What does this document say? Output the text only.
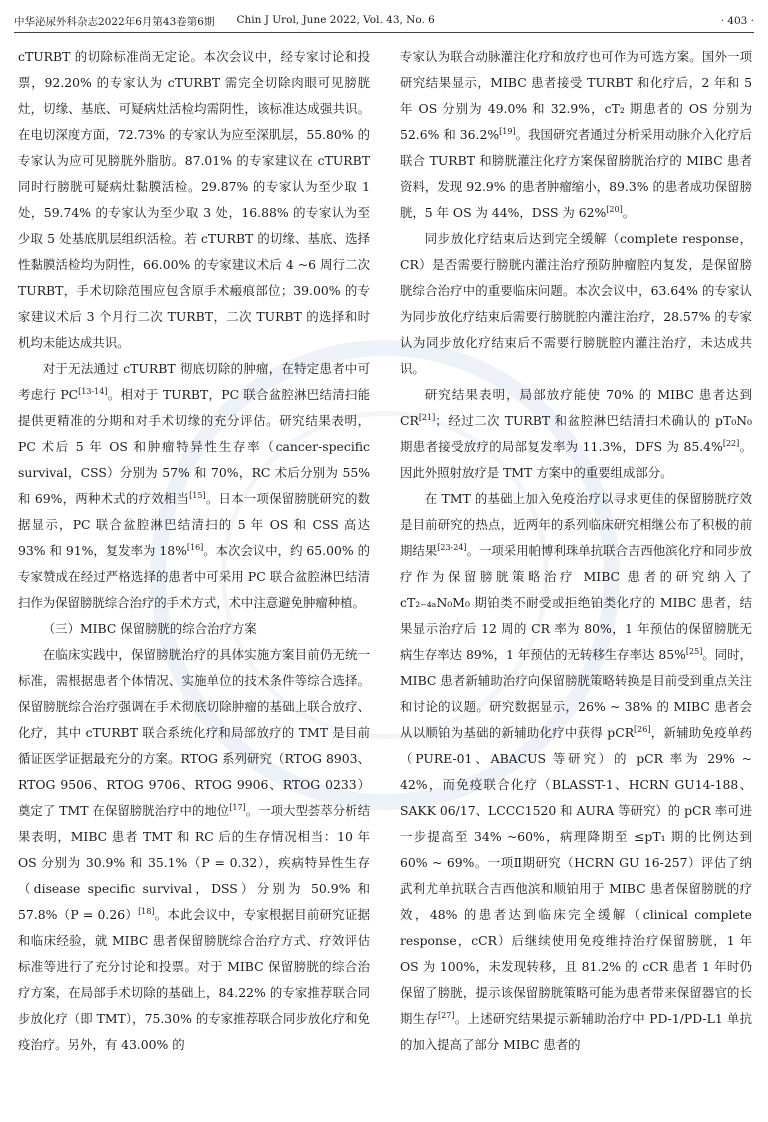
中华泌尿外科杂志2022年6月第43卷第6期 Chin J Urol, June 2022, Vol. 43, No. 6	· 403 ·

cTURBT 的切除标准尚无定论。本次会议中，经专家讨论和投票，92.20% 的专家认为 cTURBT 需完全切除肉眼可见膀胱灶，切缘、基底、可疑病灶活检均需阴性，该标准达成强共识。在电切深度方面，72.73% 的专家认为应至深肌层，55.80% 的专家认为应可见膀胱外脂肪。87.01% 的专家建议在 cTURBT 同时行膀胱可疑病灶黏膜活检。29.87% 的专家认为至少取 1 处，59.74% 的专家认为至少取 3 处，16.88% 的专家认为至少取 5 处基底肌层组织活检。若 cTURBT 的切缘、基底、选择性黏膜活检均为阴性，66.00% 的专家建议术后 4 ~6 周行二次 TURBT，手术切除范围应包含原手术瘢痕部位；39.00% 的专家建议术后 3 个月行二次 TURBT，二次 TURBT 的选择和时机均未能达成共识。

对于无法通过 cTURBT 彻底切除的肿瘤，在特定患者中可考虑行 PC[13-14]。相对于 TURBT，PC 联合盆腔淋巴结清扫能提供更精准的分期和对手术切缘的充分评估。研究结果表明，PC 术后 5 年 OS 和肿瘤特异性生存率（cancer-specific survival，CSS）分别为 57% 和 70%，RC 术后分别为 55% 和 69%，两种术式的疗效相当[15]。日本一项保留膀胱研究的数据显示，PC 联合盆腔淋巴结清扫的 5 年 OS 和 CSS 高达 93% 和 91%，复发率为 18%[16]。本次会议中，约 65.00% 的专家赞成在经过严格选择的患者中可采用 PC 联合盆腔淋巴结清扫作为保留膀胱综合治疗的手术方式，术中注意避免肿瘤种植。

（三）MIBC 保留膀胱的综合治疗方案

在临床实践中，保留膀胱治疗的具体实施方案目前仍无统一标准，需根据患者个体情况、实施单位的技术条件等综合选择。保留膀胱综合治疗强调在手术彻底切除肿瘤的基础上联合放疗、化疗，其中 cTURBT 联合系统化疗和局部放疗的 TMT 是目前循证医学证据最充分的方案。RTOG 系列研究（RTOG 8903、RTOG 9506、RTOG 9706、RTOG 9906、RTOG 0233）奠定了 TMT 在保留膀胱治疗中的地位[17]。一项大型荟萃分析结果表明，MIBC 患者 TMT 和 RC 后的生存情况相当：10 年 OS 分别为 30.9% 和 35.1%（P = 0.32），疾病特异性生存（disease specific survival，DSS）分别为 50.9% 和 57.8%（P = 0.26）[18]。本此会议中，专家根据目前研究证据和临床经验，就 MIBC 患者保留膀胱综合治疗方式、疗效评估标准等进行了充分讨论和投票。对于 MIBC 保留膀胱的综合治疗方案，在局部手术切除的基础上，84.22% 的专家推荐联合同步放化疗（即 TMT），75.30% 的专家推荐联合同步放化疗和免疫治疗。另外，有 43.00% 的

专家认为联合动脉灌注化疗和放疗也可作为可选方案。国外一项研究结果显示，MIBC 患者接受 TURBT 和化疗后，2 年和 5 年 OS 分别为 49.0% 和 32.9%，cT₂ 期患者的 OS 分别为 52.6% 和 36.2%[19]。我国研究者通过分析采用动脉介入化疗后联合 TURBT 和膀胱灌注化疗方案保留膀胱治疗的 MIBC 患者资料，发现 92.9% 的患者肿瘤缩小，89.3% 的患者成功保留膀胱，5 年 OS 为 44%，DSS 为 62%[20]。

同步放化疗结束后达到完全缓解（complete response，CR）是否需要行膀胱内灌注治疗预防肿瘤腔内复发，是保留膀胱综合治疗中的重要临床问题。本次会议中，63.64% 的专家认为同步放化疗结束后需要行膀胱腔内灌注治疗，28.57% 的专家认为同步放化疗结束后不需要行膀胱腔内灌注治疗，未达成共识。

研究结果表明，局部放疗能使 70% 的 MIBC 患者达到 CR[21]；经过二次 TURBT 和盆腔淋巴结清扫术确认的 pT₀N₀ 期患者接受放疗的局部复发率为 11.3%，DFS 为 85.4%[22]。因此外照射放疗是 TMT 方案中的重要组成部分。

在 TMT 的基础上加入免疫治疗以寻求更佳的保留膀胱疗效是目前研究的热点，近两年的系列临床研究相继公布了积极的前期结果[23-24]。一项采用帕博利珠单抗联合吉西他滨化疗和同步放疗作为保留膀胱策略治疗 MIBC 患者的研究纳入了 cT₂₋₄ₐN₀M₀ 期铂类不耐受或拒绝铂类化疗的 MIBC 患者，结果显示治疗后 12 周的 CR 率为 80%，1 年预估的保留膀胱无病生存率达 89%，1 年预估的无转移生存率达 85%[25]。同时，MIBC 患者新辅助治疗向保留膀胱策略转换是目前受到重点关注和讨论的议题。研究数据显示，26% ~ 38% 的 MIBC 患者会从以顺铂为基础的新辅助化疗中获得 pCR[26]，新辅助免疫单药（PURE-01、ABACUS 等研究）的 pCR 率为 29% ~ 42%，而免疫联合化疗（BLASST-1、HCRN GU14-188、SAKK 06/17、LCCC1520 和 AURA 等研究）的 pCR 率可进一步提高至 34% ~60%，病理降期至 ≤pT₁ 期的比例达到 60% ~ 69%。一项Ⅱ期研究（HCRN GU 16-257）评估了纳武利尤单抗联合吉西他滨和顺铂用于 MIBC 患者保留膀胱的疗效，48% 的患者达到临床完全缓解（clinical complete response，cCR）后继续使用免疫维持治疗保留膀胱，1 年 OS 为 100%，未发现转移，且 81.2% 的 cCR 患者 1 年时仍保留了膀胱，提示该保留膀胱策略可能为患者带来保留器官的长期生存[27]。上述研究结果提示新辅助治疗中 PD-1/PD-L1 单抗的加入提高了部分 MIBC 患者的
